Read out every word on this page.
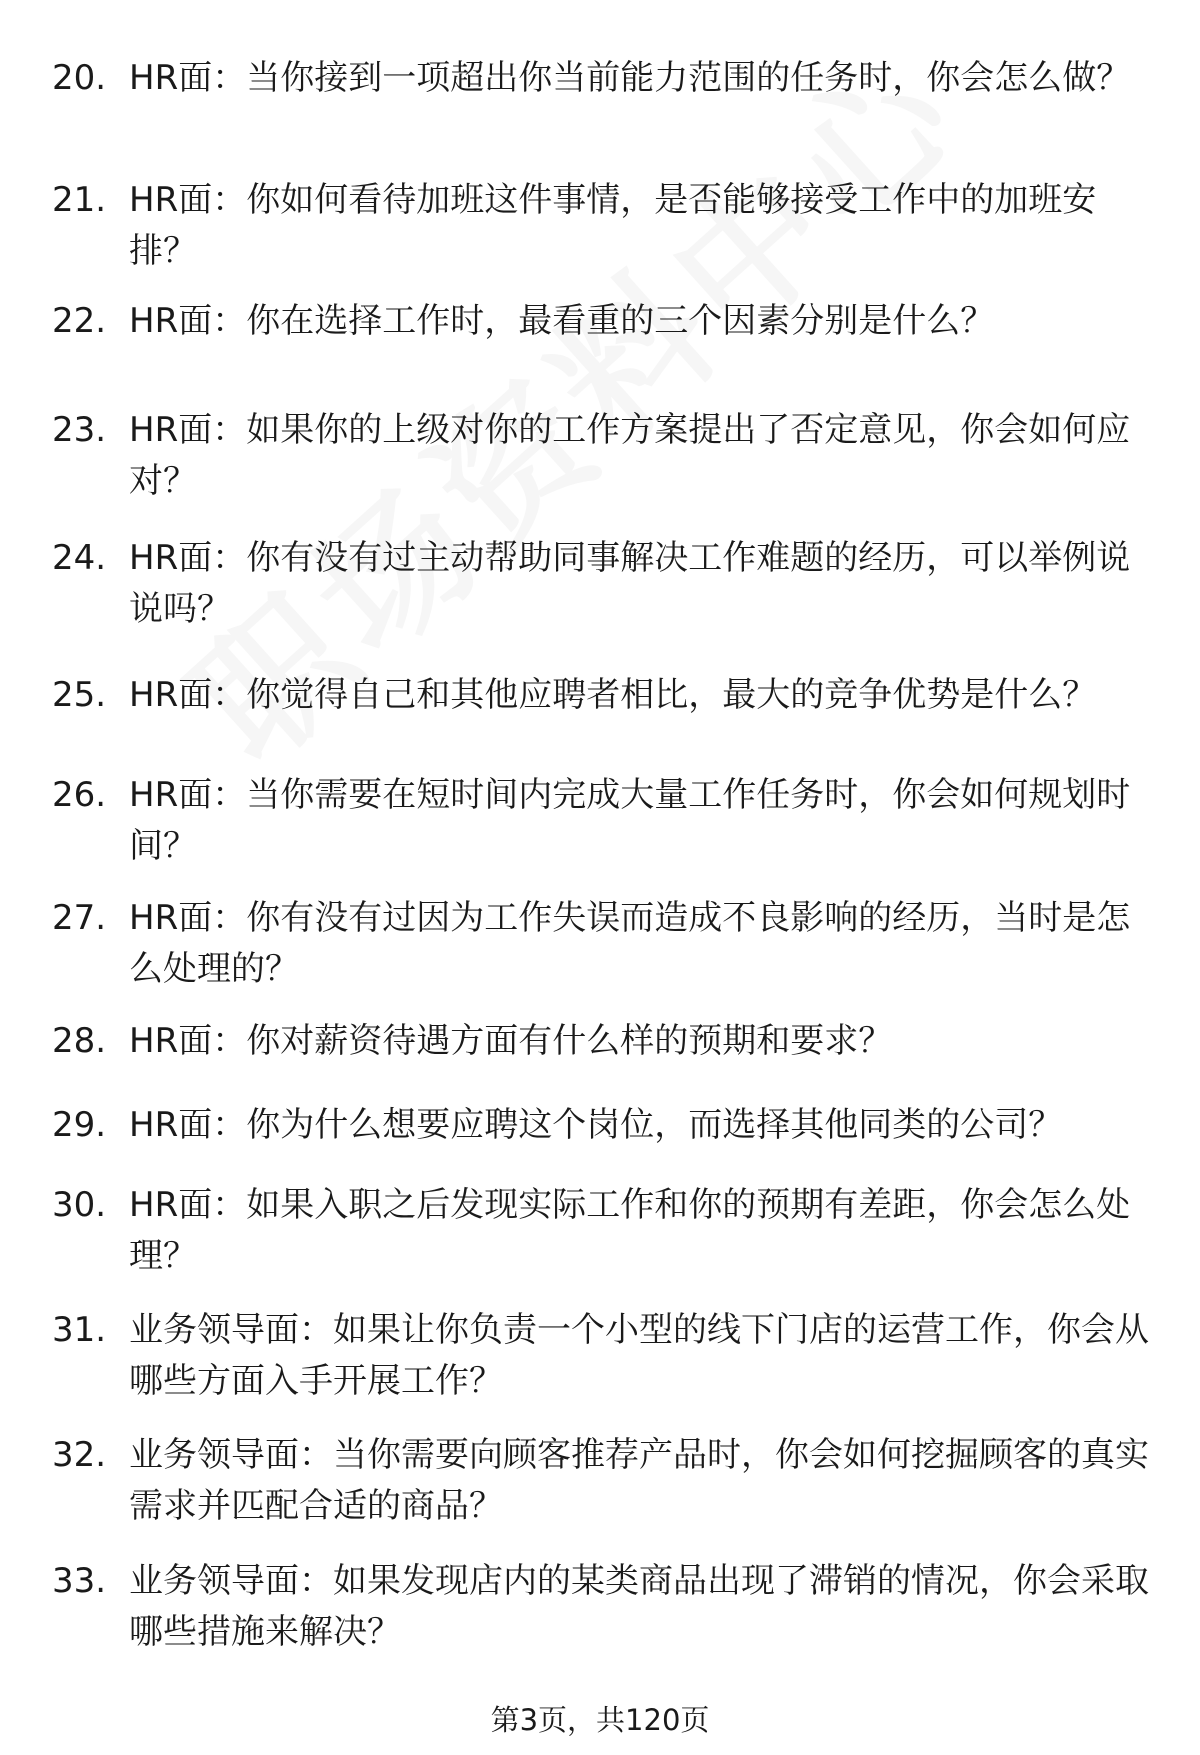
20. HR面：当你接到一项超出你当前能力范围的任务时，你会怎么做？
21. HR面：你如何看待加班这件事情，是否能够接受工作中的加班安排？
22. HR面：你在选择工作时，最看重的三个因素分别是什么？
23. HR面：如果你的上级对你的工作方案提出了否定意见，你会如何应对？
24. HR面：你有没有过主动帮助同事解决工作难题的经历，可以举例说说吗？
25. HR面：你觉得自己和其他应聘者相比，最大的竞争优势是什么？
26. HR面：当你需要在短时间内完成大量工作任务时，你会如何规划时间？
27. HR面：你有没有过因为工作失误而造成不良影响的经历，当时是怎么处理的？
28. HR面：你对薪资待遇方面有什么样的预期和要求？
29. HR面：你为什么想要应聘这个岗位，而选择其他同类的公司？
30. HR面：如果入职之后发现实际工作和你的预期有差距，你会怎么处理？
31. 业务领导面：如果让你负责一个小型的线下门店的运营工作，你会从哪些方面入手开展工作？
32. 业务领导面：当你需要向顾客推荐产品时，你会如何挖掘顾客的真实需求并匹配合适的商品？
33. 业务领导面：如果发现店内的某类商品出现了滞销的情况，你会采取哪些措施来解决？
第3页，共120页
